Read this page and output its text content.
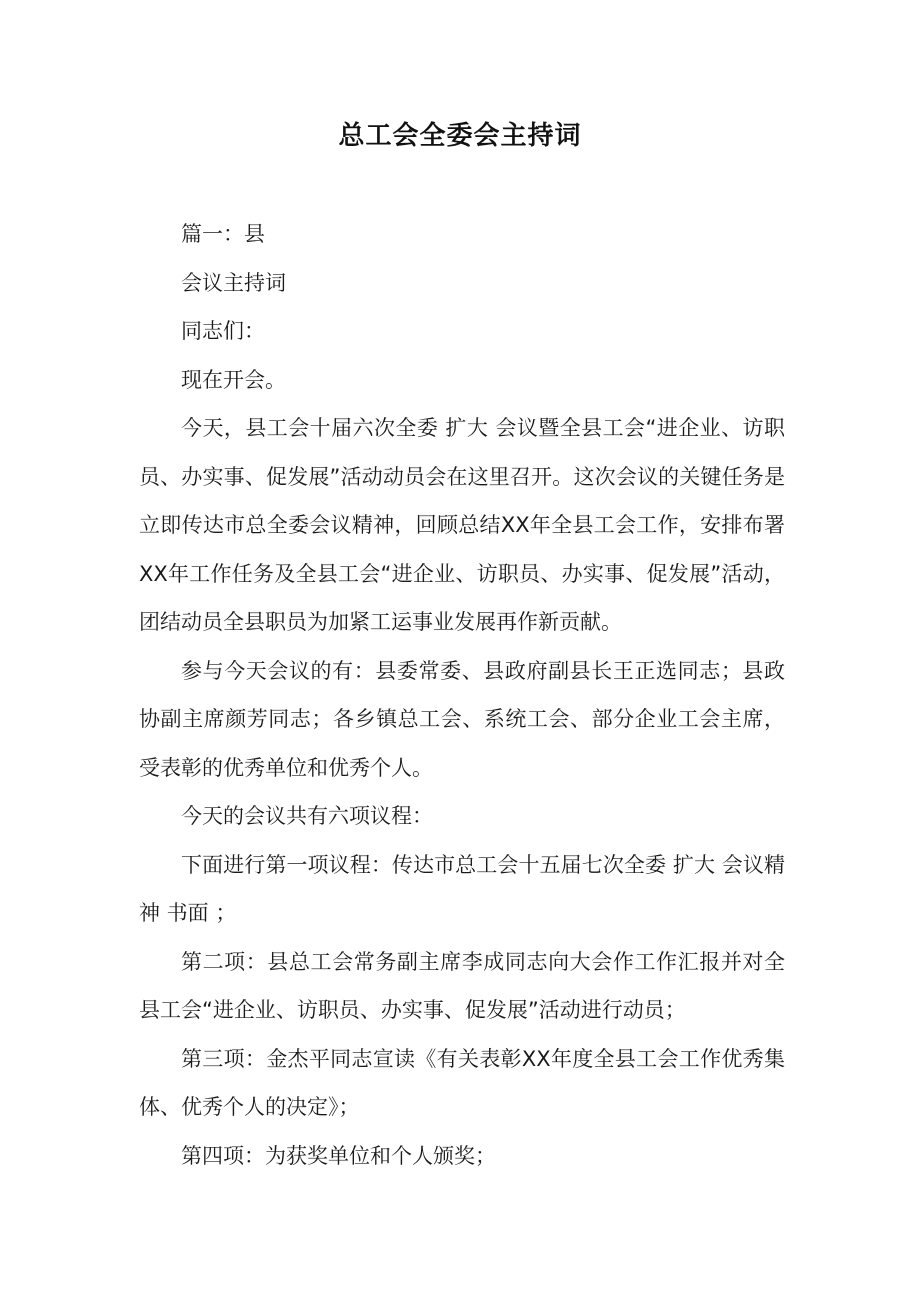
总工会全委会主持词

篇一：县

会议主持词

同志们：

现在开会。

今天，县工会十届六次全委 扩大 会议暨全县工会“进企业、访职员、办实事、促发展”活动动员会在这里召开。这次会议的关键任务是立即传达市总全委会议精神，回顾总结XX年全县工会工作，安排布署XX年工作任务及全县工会“进企业、访职员、办实事、促发展”活动，团结动员全县职员为加紧工运事业发展再作新贡献。

参与今天会议的有：县委常委、县政府副县长王正选同志；县政协副主席颜芳同志；各乡镇总工会、系统工会、部分企业工会主席，受表彰的优秀单位和优秀个人。

今天的会议共有六项议程：

下面进行第一项议程：传达市总工会十五届七次全委 扩大 会议精神 书面 ；

第二项：县总工会常务副主席李成同志向大会作工作汇报并对全县工会“进企业、访职员、办实事、促发展”活动进行动员；

第三项：金杰平同志宣读《有关表彰XX年度全县工会工作优秀集体、优秀个人的决定》；

第四项：为获奖单位和个人颁奖；
